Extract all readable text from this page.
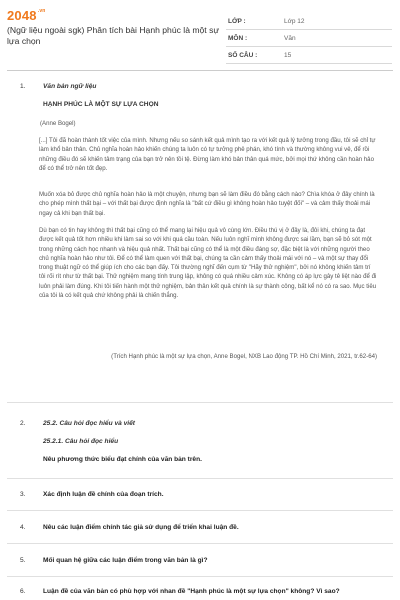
$2048^{.vn}$
(Ngữ liệu ngoài sgk) Phân tích bài Hạnh phúc là một sự lựa chọn
LỚP :	Lớp 12
MÔN :	Văn
SỐ CÂU :	15
1.	Văn bản ngữ liệu
HẠNH PHÚC LÀ MỘT SỰ LỰA CHỌN
(Anne Bogel)

[...] Tôi đã hoàn thành tốt việc của mình. Nhưng nếu so sánh kết quả mình tạo ra với kết quả lý tưởng trong đầu, tôi sẽ chỉ tự làm khổ bản thân. Chủ nghĩa hoàn hảo khiến chúng ta luôn có tự tưởng phê phán, khó tính và thường không vui vẻ, để rồi những điều đó sẽ khiến tâm trạng của bạn trở nên tồi tệ. Đừng làm khó bản thân quá mức, bởi mọi thứ không cần hoàn hảo để có thể trở nên tốt đẹp.

Muốn xóa bỏ được chủ nghĩa hoàn hảo là một chuyện, nhưng bạn sẽ làm điều đó bằng cách nào? Chìa khóa ở đây chính là cho phép mình thất bại – với thất bại được định nghĩa là "bất cứ điều gì không hoàn hảo tuyệt đối" – và cảm thấy thoải mái ngay cả khi bạn thất bại.

Dù bạn có tin hay không thì thất bại cũng có thể mang lại hiệu quả vô cùng lớn. Điều thú vị ở đây là, đôi khi, chúng ta đạt được kết quả tốt hơn nhiều khi làm sai so với khi quá cầu toàn. Nếu luôn nghĩ mình không được sai lầm, bạn sẽ bỏ sót một trong những cách học nhanh và hiệu quả nhất. Thất bại cũng có thể là một điều đáng sợ, đặc biệt là với những người theo chủ nghĩa hoàn hảo như tôi. Để có thể làm quen với thất bại, chúng ta cần cảm thấy thoải mái với nó – và một sự thay đổi trong thuật ngữ có thể giúp ích cho các bạn đấy. Tôi thường nghĩ đến cụm từ "Hãy thử nghiệm", bởi nó không khiến tâm trí tôi rối rít như từ thất bại. Thử nghiệm mang tính trung lập, không có quá nhiều cảm xúc. Không có áp lực gây tê liệt nào để đi luôn phải làm đúng. Khi tôi tiến hành một thử nghiệm, bản thân kết quả chính là sự thành công, bất kể nó có ra sao. Mục tiêu của tôi là có kết quả chứ không phải là chiến thắng.

(Trích Hạnh phúc là một sự lựa chọn, Anne Bogel, NXB Lao động TP. Hồ Chí Minh, 2021, tr.62-64)

2.	25.2. Câu hỏi đọc hiểu và viết
25.2.1. Câu hỏi đọc hiểu
Nêu phương thức biểu đạt chính của văn bản trên.
3.	Xác định luận đề chính của đoạn trích.
4.	Nêu các luận điểm chính tác giả sử dụng để triển khai luận đề.
5.	Mối quan hệ giữa các luận điểm trong văn bản là gì?
6.	Luận đề của văn bản có phù hợp với nhan đề "Hạnh phúc là một sự lựa chọn" không? Vì sao?
